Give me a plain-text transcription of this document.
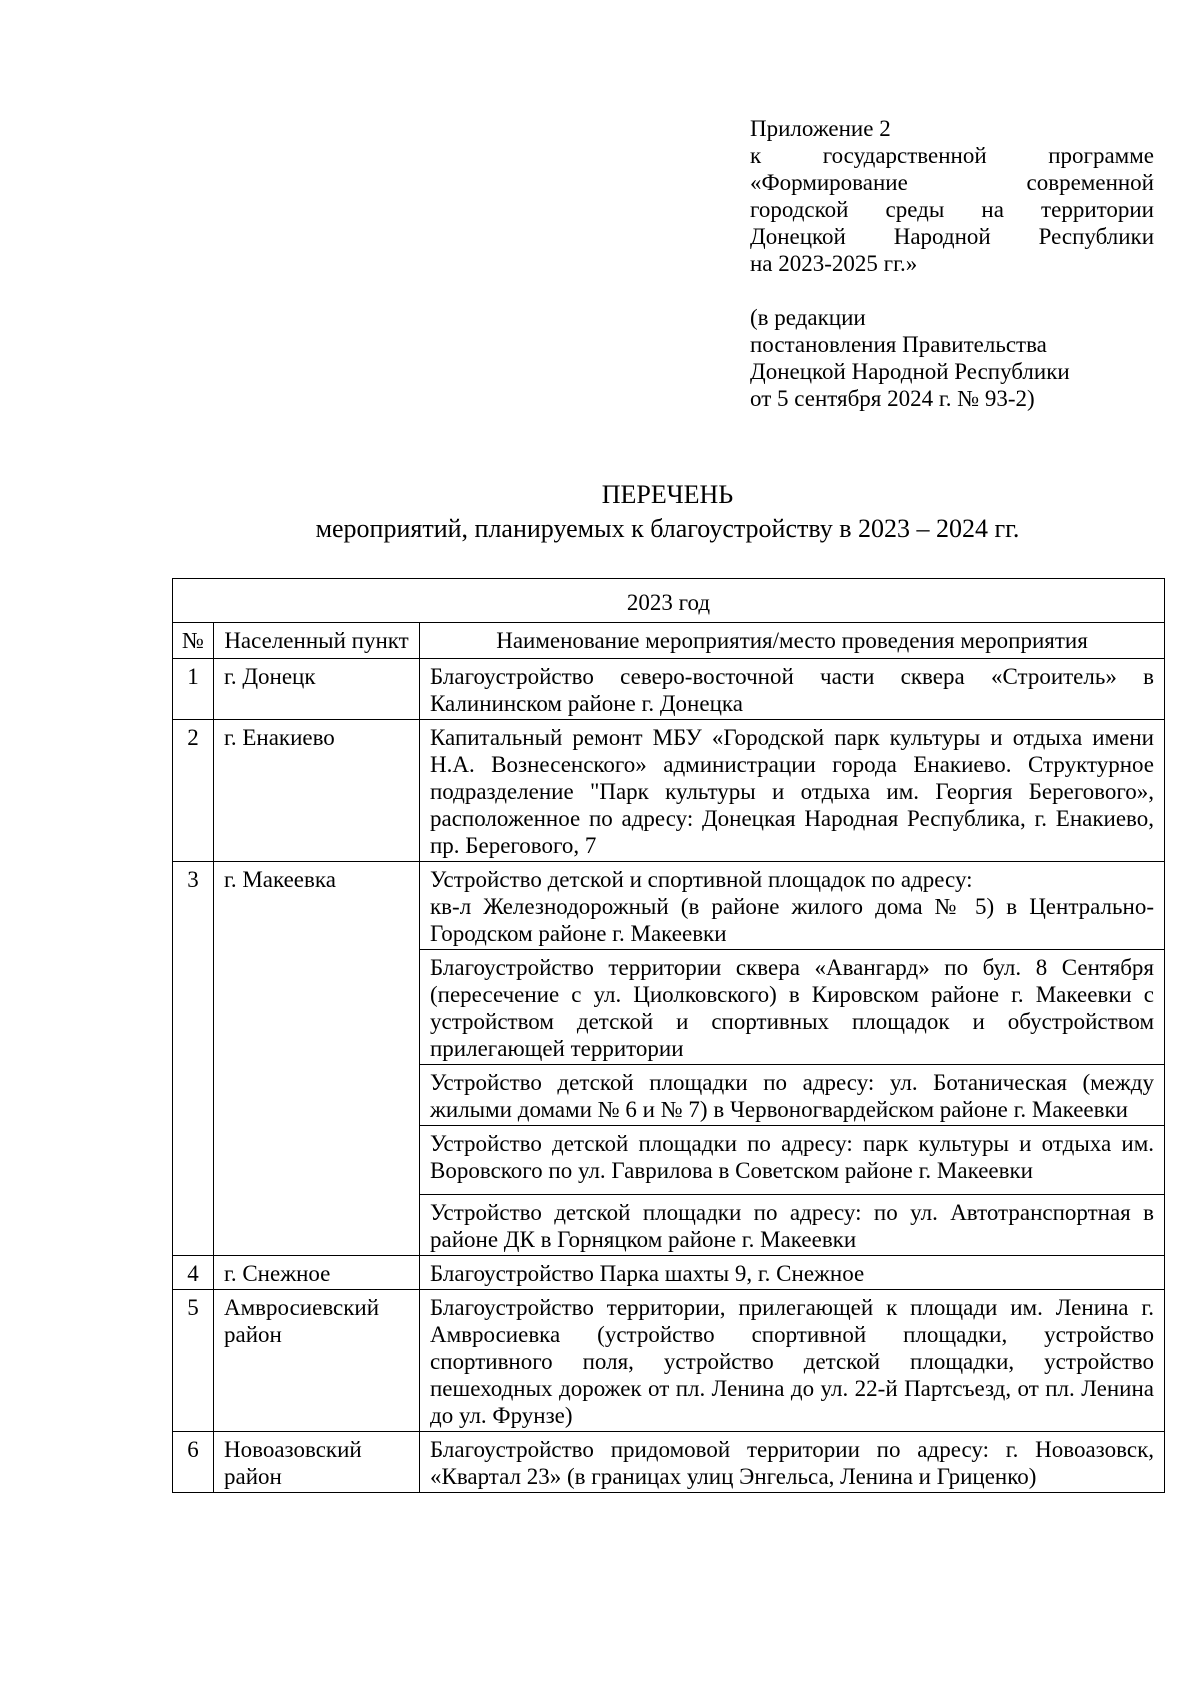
Приложение 2
к государственной программе
«Формирование современной
городской среды на территории
Донецкой Народной Республики
на 2023-2025 гг.»
(в редакции
постановления Правительства
Донецкой Народной Республики
от 5 сентября 2024 г. № 93-2)
ПЕРЕЧЕНЬ
мероприятий, планируемых к благоустройству в 2023 – 2024 гг.
2023 год		
№	Населенный пункт	Наименование мероприятия/место проведения мероприятия
1	г. Донецк	Благоустройство северо-восточной части сквера «Строитель» в Калининском районе г. Донецка
2	г. Енакиево	Капитальный ремонт МБУ «Городской парк культуры и отдыха имени Н.А. Вознесенского» администрации города Енакиево. Структурное подразделение "Парк культуры и отдыха им. Георгия Берегового», расположенное по адресу: Донецкая Народная Республика, г. Енакиево, пр. Берегового, 7
3	г. Макеевка	Устройство детской и спортивной площадок по адресу:
кв-л Железнодорожный (в районе жилого дома № 5) в Центрально-Городском районе г. Макеевки

		Благоустройство территории сквера «Авангард» по бул. 8 Сентября (пересечение с ул. Циолковского) в Кировском районе г. Макеевки с устройством детской и спортивных площадок и обустройством прилегающей территории
		Устройство детской площадки по адресу: ул. Ботаническая (между жилыми домами № 6 и № 7) в Червоногвардейском районе г. Макеевки
		Устройство детской площадки по адресу: парк культуры и отдыха им. Воровского по ул. Гаврилова в Советском районе г. Макеевки
		Устройство детской площадки по адресу: по ул. Автотранспортная в районе ДК в Горняцком районе г. Макеевки
4	г. Снежное	Благоустройство Парка шахты 9, г. Снежное
5	Амвросиевский район	Благоустройство территории, прилегающей к площади им. Ленина г. Амвросиевка (устройство спортивной площадки, устройство спортивного поля, устройство детской площадки, устройство пешеходных дорожек от пл. Ленина до ул. 22-й Партсъезд, от пл. Ленина до ул. Фрунзе)
6	Новоазовский район	Благоустройство придомовой территории по адресу: г. Новоазовск, «Квартал 23» (в границах улиц Энгельса, Ленина и Гриценко)
